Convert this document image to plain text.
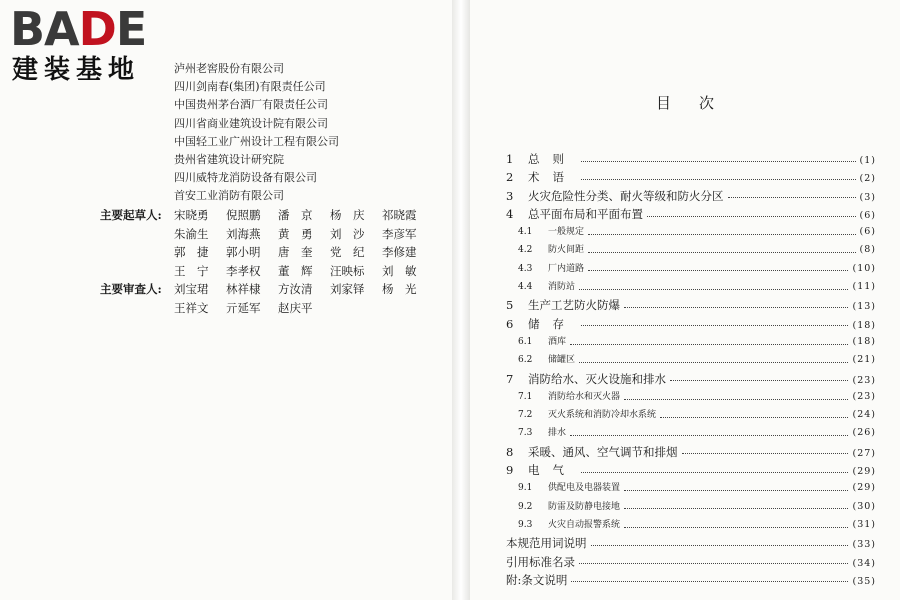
BADE
建装基地	泸州老窖股份有限公司
四川剑南春(集团)有限责任公司
中国贵州茅台酒厂有限责任公司
四川省商业建筑设计院有限公司
中国轻工业广州设计工程有限公司
贵州省建筑设计研究院
四川威特龙消防设备有限公司
首安工业消防有限公司
主要起草人: 宋晓勇	倪照鹏	潘　京	杨　庆	祁晓霞
朱渝生	刘海燕	黄　勇	刘　沙	李彦军
郭　捷	郭小明	唐　奎	党　纪	李修建
王　宁	李孝权	董　辉	汪映标	刘　敏
主要审查人: 刘宝珺	林祥棣	方汝清	刘家铎	杨　光
王祥文	亓延军	赵庆平
目次
1	总则	(1)
2	术语	(2)
3	火灾危险性分类、耐火等级和防火分区	(3)
4	总平面布局和平面布置	(6)
4.1	一般规定	(6)
4.2	防火间距	(8)
4.3	厂内道路	(10)
4.4	消防站	(11)
5	生产工艺防火防爆	(13)
6	储存	(18)
6.1	酒库	(18)
6.2	储罐区	(21)
7	消防给水、灭火设施和排水	(23)
7.1	消防给水和灭火器	(23)
7.2	灭火系统和消防冷却水系统	(24)
7.3	排水	(26)
8	采暖、通风、空气调节和排烟	(27)
9	电气	(29)
9.1	供配电及电器装置	(29)
9.2	防雷及防静电接地	(30)
9.3	火灾自动报警系统	(31)
本规范用词说明	(33)
引用标准名录	(34)
附:条文说明	(35)
